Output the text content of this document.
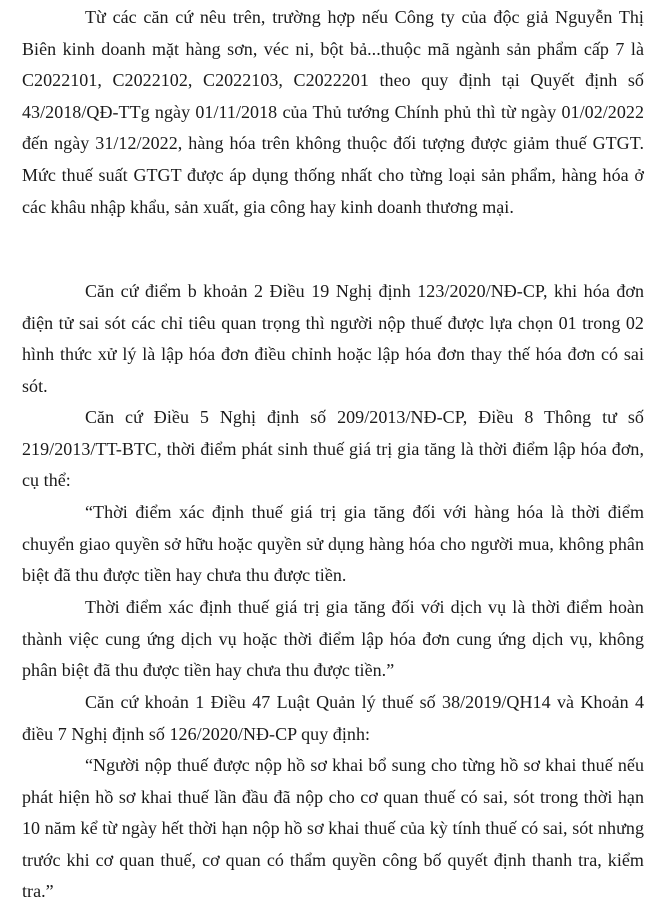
Từ các căn cứ nêu trên, trường hợp nếu Công ty của độc giả Nguyễn Thị Biên kinh doanh mặt hàng sơn, véc ni, bột bả...thuộc mã ngành sản phẩm cấp 7 là C2022101, C2022102, C2022103, C2022201 theo quy định tại Quyết định số 43/2018/QĐ-TTg ngày 01/11/2018 của Thủ tướng Chính phủ thì từ ngày 01/02/2022 đến ngày 31/12/2022, hàng hóa trên không thuộc đối tượng được giảm thuế GTGT. Mức thuế suất GTGT được áp dụng thống nhất cho từng loại sản phẩm, hàng hóa ở các khâu nhập khẩu, sản xuất, gia công hay kinh doanh thương mại.

Căn cứ điểm b khoản 2 Điều 19 Nghị định 123/2020/NĐ-CP, khi hóa đơn điện tử sai sót các chỉ tiêu quan trọng thì người nộp thuế được lựa chọn 01 trong 02 hình thức xử lý là lập hóa đơn điều chỉnh hoặc lập hóa đơn thay thế hóa đơn có sai sót.

Căn cứ Điều 5 Nghị định số 209/2013/NĐ-CP, Điều 8 Thông tư số 219/2013/TT-BTC, thời điểm phát sinh thuế giá trị gia tăng là thời điểm lập hóa đơn, cụ thể:

“Thời điểm xác định thuế giá trị gia tăng đối với hàng hóa là thời điểm chuyển giao quyền sở hữu hoặc quyền sử dụng hàng hóa cho người mua, không phân biệt đã thu được tiền hay chưa thu được tiền.

Thời điểm xác định thuế giá trị gia tăng đối với dịch vụ là thời điểm hoàn thành việc cung ứng dịch vụ hoặc thời điểm lập hóa đơn cung ứng dịch vụ, không phân biệt đã thu được tiền hay chưa thu được tiền.”

Căn cứ khoản 1 Điều 47 Luật Quản lý thuế số 38/2019/QH14 và Khoản 4 điều 7 Nghị định số 126/2020/NĐ-CP quy định:

“Người nộp thuế được nộp hồ sơ khai bổ sung cho từng hồ sơ khai thuế nếu phát hiện hồ sơ khai thuế lần đầu đã nộp cho cơ quan thuế có sai, sót trong thời hạn 10 năm kể từ ngày hết thời hạn nộp hồ sơ khai thuế của kỳ tính thuế có sai, sót nhưng trước khi cơ quan thuế, cơ quan có thẩm quyền công bố quyết định thanh tra, kiểm tra.”
